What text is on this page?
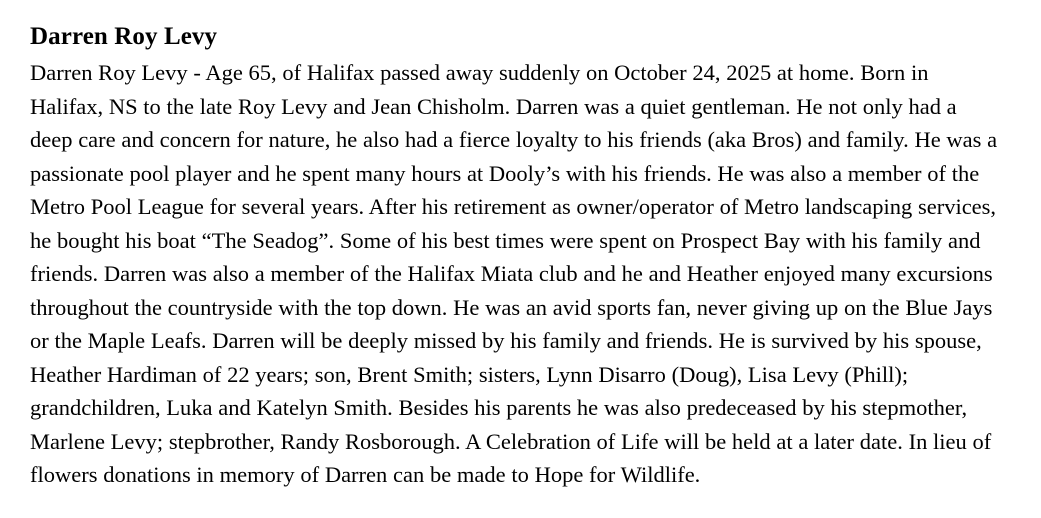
Darren Roy Levy

Darren Roy Levy - Age 65, of Halifax passed away suddenly on October 24, 2025 at home. Born in Halifax, NS to the late Roy Levy and Jean Chisholm. Darren was a quiet gentleman. He not only had a deep care and concern for nature, he also had a fierce loyalty to his friends (aka Bros) and family. He was a passionate pool player and he spent many hours at Dooly’s with his friends. He was also a member of the Metro Pool League for several years. After his retirement as owner/operator of Metro landscaping services, he bought his boat “The Seadog”. Some of his best times were spent on Prospect Bay with his family and friends. Darren was also a member of the Halifax Miata club and he and Heather enjoyed many excursions throughout the countryside with the top down. He was an avid sports fan, never giving up on the Blue Jays or the Maple Leafs. Darren will be deeply missed by his family and friends. He is survived by his spouse, Heather Hardiman of 22 years; son, Brent Smith; sisters, Lynn Disarro (Doug), Lisa Levy (Phill); grandchildren, Luka and Katelyn Smith. Besides his parents he was also predeceased by his stepmother, Marlene Levy; stepbrother, Randy Rosborough. A Celebration of Life will be held at a later date. In lieu of flowers donations in memory of Darren can be made to Hope for Wildlife.
